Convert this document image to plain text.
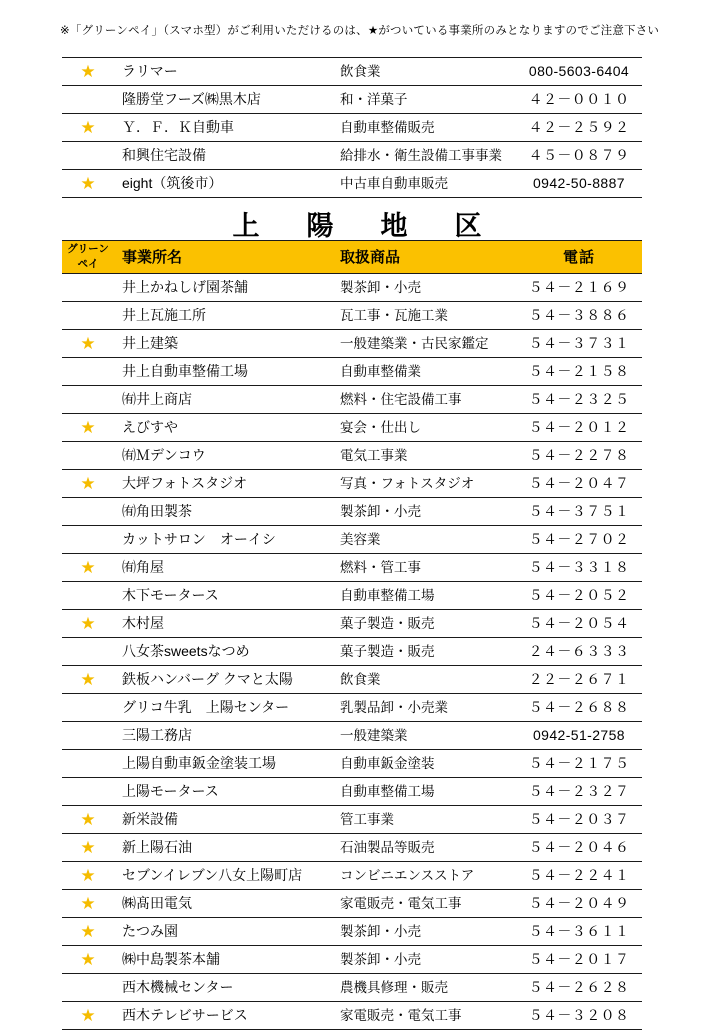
※「グリーンペイ」（スマホ型）がご利用いただけるのは、★がついている事業所のみとなりますのでご注意下さい
★	ラリマー	飲食業	080-5603-6404
	隆勝堂フーズ㈱黒木店	和・洋菓子	４２－００１０
★	Ｙ．Ｆ．Ｋ自動車	自動車整備販売	４２－２５９２
	和興住宅設備	給排水・衛生設備工事事業	４５－０８７９
★	eight（筑後市）	中古車自動車販売	0942-50-8887
上　陽　地　区
グリーン
ペイ	事業所名	取扱商品	電話
	井上かねしげ園茶舗	製茶卸・小売	５４－２１６９
	井上瓦施工所	瓦工事・瓦施工業	５４－３８８６
★	井上建築	一般建築業・古民家鑑定	５４－３７３１
	井上自動車整備工場	自動車整備業	５４－２１５８
	㈲井上商店	燃料・住宅設備工事	５４－２３２５
★	えびすや	宴会・仕出し	５４－２０１２
	㈲Ｍデンコウ	電気工事業	５４－２２７８
★	大坪フォトスタジオ	写真・フォトスタジオ	５４－２０４７
	㈲角田製茶	製茶卸・小売	５４－３７５１
	カットサロン　オーイシ	美容業	５４－２７０２
★	㈲角屋	燃料・管工事	５４－３３１８
	木下モータース	自動車整備工場	５４－２０５２
★	木村屋	菓子製造・販売	５４－２０５４
	八女茶sweetsなつめ	菓子製造・販売	２４－６３３３
★	鉄板ハンバーグ クマと太陽	飲食業	２２－２６７１
	グリコ牛乳　上陽センター	乳製品卸・小売業	５４－２６８８
	三陽工務店	一般建築業	0942-51-2758
	上陽自動車鈑金塗装工場	自動車鈑金塗装	５４－２１７５
	上陽モータース	自動車整備工場	５４－２３２７
★	新栄設備	管工事業	５４－２０３７
★	新上陽石油	石油製品等販売	５４－２０４６
★	セブンイレブン八女上陽町店	コンビニエンスストア	５４－２２４１
★	㈱髙田電気	家電販売・電気工事	５４－２０４９
★	たつみ園	製茶卸・小売	５４－３６１１
★	㈱中島製茶本舗	製茶卸・小売	５４－２０１７
	西木機械センター	農機具修理・販売	５４－２６２８
★	西木テレビサービス	家電販売・電気工事	５４－３２０８
